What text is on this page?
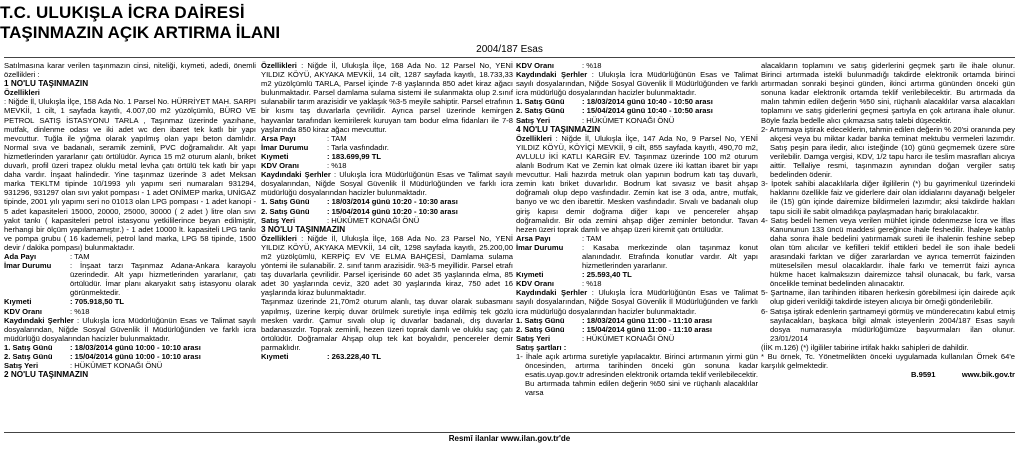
T.C. ULUKIŞLA İCRA DAİRESİ
TAŞINMAZIN AÇIK ARTIRMA İLANI
2004/187 Esas

Satılmasına karar verilen taşınmazın cinsi, niteliği, kıymeti, adedi, önemli özellikleri :

1 NO'LU TAŞINMAZIN

Özellikleri
: Niğde İl, Ulukışla İlçe, 158 Ada No. 1 Parsel No. HÜRRİYET MAH. SARPI MEVKİİ, 1 cilt, 1 sayfada kayıtlı, 4.007,00 m2 yüzölçümlü, BÜRO VE PETROL SATIŞ İSTASYONU TARLA , Taşınmaz üzerinde yazıhane, mutfak, dinlenme odası ve iki adet wc den ibaret tek katlı bir yapı mevcuttur. Tuğla ile yığma olarak yapılmış olan yapı beton damlıdır. Normal sıva ve badanalı, seramik zeminli, PVC doğramalıdır. Alt yapı hizmetlerinden yararlanır çatı örtülüdür. Ayrıca 15 m2 oturum alanlı, briket duvarlı, profil üzeri trapez oluklu metal levha çatı örtülü tek katlı bir yapı daha vardır. İnşaat halindedir. Yine taşınmaz üzerinde 3 adet Meksan marka TEKLTM tipinde 10/1993 yılı yapımı seri numaraları 931294, 931296, 931297 olan sıvı yakıt pompası - 1 adet ONİMEP marka, UNİGAZ tipinde, 2001 yılı yapımı seri no 01013 olan LPG pompası - 1 adet kanopi - 5 adet kapasiteleri 15000, 20000, 25000, 30000 ( 2 adet ) litre olan sıvı yakıt tankı ( kapasiteleri petrol istasyonu yetkililerince beyan edilmiştir, herhangi bir ölçüm yapılamamıştır.) - 1 adet 10000 lt. kapasiteli LPG tankı ve pompa grubu ( 16 kademeli, petrol land marka, LPG 58 tipinde, 1500 devir / dakika pompası) bulunmaktadır.

Ada Payı	: TAM
İmar Durumu	: İnşaat tarzı Taşınmaz Adana-Ankara karayolu üzerindedir. Alt yapı hizmetlerinden yararlanır, çatı örtülüdür. İmar planı akaryakıt satış istasyonu olarak görünmektedir.
Kıymeti	: 705.918,50 TL
KDV Oranı	: %18

Kaydındaki Şerhler : Ulukışla İcra Müdürlüğünün Esas ve Talimat sayılı dosyalarından, Niğde Sosyal Güvenlik İl Müdürlüğünden ve farklı icra müdürlüğü dosyalarından hacizler bulunmaktadır.

1. Satış Günü	: 18/03/2014 günü 10:00 - 10:10 arası
2. Satış Günü	: 15/04/2014 günü 10:00 - 10:10 arası
Satış Yeri	: HÜKÜMET KONAĞI ÖNÜ

2 NO'LU TAŞINMAZIN

Özellikleri : Niğde İl, Ulukışla İlçe, 168 Ada No. 12 Parsel No, YENİ YILDIZ KÖYÜ, AKYAKA MEVKİİ, 14 cilt, 1287 sayfada kayıtlı, 18.733,33 m2 yüzölçümlü TARLA, Parsel içinde 7-8 yaşlarında 850 adet kiraz ağacı bulunmaktadır. Parsel damlama sulama sistemi ile sulanmakta olup 2.sınıf sulanabilir tarım arazisidir ve yaklaşık %3-5 meyile sahiptir. Parsel etrafının bir kısmı taş duvarlarla çevrilidir. Ayrıca parsel üzerinde kemirgen hayvanlar tarafından kemirilerek kuruyan tam bodur elma fidanları ile 7-8 yaşlarında 850 kiraz ağacı mevcuttur.

Arsa Payı	: TAM
İmar Durumu	: Tarla vasfındadır.
Kıymeti	: 183.699,99 TL
KDV Oranı	: %18

Kaydındaki Şerhler : Ulukışla İcra Müdürlüğünün Esas ve Talimat sayılı dosyalarından, Niğde Sosyal Güvenlik İl Müdürlüğünden ve farklı icra müdürlüğü dosyalarından hacizler bulunmaktadır.

1. Satış Günü	: 18/03/2014 günü 10:20 - 10:30 arası
2. Satış Günü	: 15/04/2014 günü 10:20 - 10:30 arası
Satış Yeri	: HÜKÜMET KONAĞI ÖNÜ

3 NO'LU TAŞINMAZIN

Özellikleri : Niğde İl, Ulukışla İlçe, 168 Ada No. 23 Parsel No, YENİ YILDIZ KÖYÜ, AKYAKA MEVKİİ, 14 cilt, 1298 sayfada kayıtlı, 25.200,00 m2 yüzölçümlü, KERPİÇ EV VE ELMA BAHÇESİ, Damlama sulama yöntemi ile sulanabilir. 2. sınıf tarım arazisidir. %3-5 meyillidir. Parsel etrafı taş duvarlarla çevrilidir. Parsel içerisinde 60 adet 35 yaşlarında elma, 85 adet 30 yaşlarında ceviz, 320 adet 30 yaşlarında kiraz, 750 adet 16 yaşlarında kiraz bulunmaktadır.

Taşınmaz üzerinde 21,70m2 oturum alanlı, taş duvar olarak subasmanı yapılmış, üzerine kerpiç duvar örülmek suretiyle inşa edilmiş tek gözlü mesken vardır. Çamur sıvalı olup iç duvarlar badanalı, dış duvarlar badanasızdır. Toprak zeminli, hezen üzeri toprak damlı ve oluklu saç çatı örtülüdür. Doğramalar Ahşap olup tek kat boyalıdır, pencereler demir parmaklıdır.

Kıymeti	: 263.228,40 TL
KDV Oranı	: %18

Kaydındaki Şerhler : Ulukışla İcra Müdürlüğünün Esas ve Talimat sayılı dosyalarından, Niğde Sosyal Güvenlik İl Müdürlüğünden ve farklı icra müdürlüğü dosyalarından hacizler bulunmaktadır.

1. Satış Günü	: 18/03/2014 günü 10:40 - 10:50 arası
2. Satış Günü	: 15/04/2014 günü 10:40 - 10:50 arası
Satış Yeri	: HÜKÜMET KONAĞI ÖNÜ

4 NO'LU TAŞINMAZIN

Özellikleri : Niğde İl, Ulukışla İlçe, 147 Ada No, 9 Parsel No, YENİ YILDIZ KÖYÜ, KÖYİÇİ MEVKİİ, 9 cilt, 855 sayfada kayıtlı, 490,70 m2, AVLULU İKİ KATLI KARGİR EV. Taşınmaz üzerinde 100 m2 oturum alanlı Bodrum Kat ve Zemin kat olmak üzere iki kattan ibaret bir yapı mevcuttur. Hali hazırda metruk olan yapının bodrum katı taş duvarlı, zemin katı briket duvarlıdır. Bodrum kat sıvasız ve basit ahşap doğramalı olup depo vasfındadır. Zemin kat ise 3 oda, antre, mutfak, banyo ve wc den ibarettir. Mesken vasfındadır. Sıvalı ve badanalı olup giriş kapısı demir doğrama diğer kapı ve pencereler ahşap doğramalıdır. Bir oda zemini ahşap diğer zeminler betondur. Tavan hezen üzeri toprak damlı ve ahşap üzeri kiremit çatı örtülüdür.

Arsa Payı	: TAM
İmar Durumu	: Kasaba merkezinde olan taşınmaz konut alanındadır. Etrafında konutlar vardır. Alt yapı hizmetlerinden yararlanır.
Kıymeti	: 25.593,40 TL
KDV Oranı	: %18

Kaydındaki Şerhler : Ulukışla İcra Müdürlüğünün Esas ve Talimat sayılı dosyalarından, Niğde Sosyal Güvenlik İl Müdürlüğünden ve farklı icra müdürlüğü dosyalarından hacizler bulunmaktadır.

1. Satış Günü	: 18/03/2014 günü 11:00 - 11:10 arası
2. Satış Günü	: 15/04/2014 günü 11:00 - 11:10 arası
Satış Yeri	: HÜKÜMET KONAĞI ÖNÜ

Satış şartları :

1- İhale açık artırma suretiyle yapılacaktır. Birinci artırmanın yirmi gün öncesinden, artırma tarihinden önceki gün sonuna kadar esatis.uyap.gov.tr adresinden elektronik ortamda teklif verilebilecektir. Bu artırmada tahmin edilen değerin %50 sini ve rüçhanlı alacaklılar varsa

alacakların toplamını ve satış giderlerini geçmek şartı ile ihale olunur. Birinci artırmada istekli bulunmadığı takdirde elektronik ortamda birinci artırmadan sonraki beşinci günden, ikinci artırma gününden önceki gün sonuna kadar elektronik ortamda teklif verilebilecektir. Bu artırmada da malın tahmin edilen değerin %50 sini, rüçhanlı alacaklılar varsa alacakları toplamını ve satış giderlerini geçmesi şartıyla en çok artırana ihale olunur. Böyle fazla bedelle alıcı çıkmazsa satış talebi düşecektir.

2- Artırmaya iştirak edeceklerin, tahmin edilen değerin % 20'si oranında pey akçesi veya bu miktar kadar banka teminat mektubu vermeleri lazımdır. Satış peşin para iledir, alıcı isteğinde (10) günü geçmemek üzere süre verilebilir. Damga vergisi, KDV, 1/2 tapu harcı ile teslim masrafları alıcıya aittir. Tellaliye resmi, taşınmazın aynından doğan vergiler satış bedelinden ödenir.

3- İpotek sahibi alacaklılarla diğer ilgililerin (*) bu gayrimenkul üzerindeki haklarını özellikle faiz ve giderlere dair olan iddialarını dayanağı belgeler ile (15) gün içinde dairemize bildirmeleri lazımdır; aksi takdirde hakları tapu sicili ile sabit olmadıkça paylaşmadan hariç bırakılacaktır.

4- Satış bedeli hemen veya verilen mühlet içinde ödenmezse İcra ve İflas Kanununun 133 üncü maddesi gereğince ihale feshedilir. İhaleye katılıp daha sonra ihale bedelini yatırmamak sureti ile ihalenin feshine sebep olan tüm alıcılar ve kefilleri teklif ettikleri bedel ile son ihale bedeli arasındaki farktan ve diğer zararlardan ve ayrıca temerrüt faizinden müteselsilen mesul olacaklardır. İhale farkı ve temerrüt faizi ayrıca hükme hacet kalmaksızın dairemizce tahsil olunacak, bu fark, varsa öncelikle teminat bedelinden alınacaktır.

5- Şartname, ilan tarihinden itibaren herkesin görebilmesi için dairede açık olup gideri verildiği takdirde isteyen alıcıya bir örneği gönderilebilir.

6- Satışa iştirak edenlerin şartnameyi görmüş ve münderecatını kabul etmiş sayılacakları, başkaca bilgi almak isteyenlerin 2004/187 Esas sayılı dosya numarasıyla müdürlüğümüze başvurmaları ilan olunur. 23/01/2014

(İİK m.126) (*) ilgililer tabirine irtifak hakkı sahipleri de dahildir.

* Bu örnek, Tc. Yönetmelikten önceki uygulamada kullanılan Örnek 64'e karşılık gelmektedir.

B.9591	www.bik.gov.tr

Resmî ilanlar www.ilan.gov.tr'de
